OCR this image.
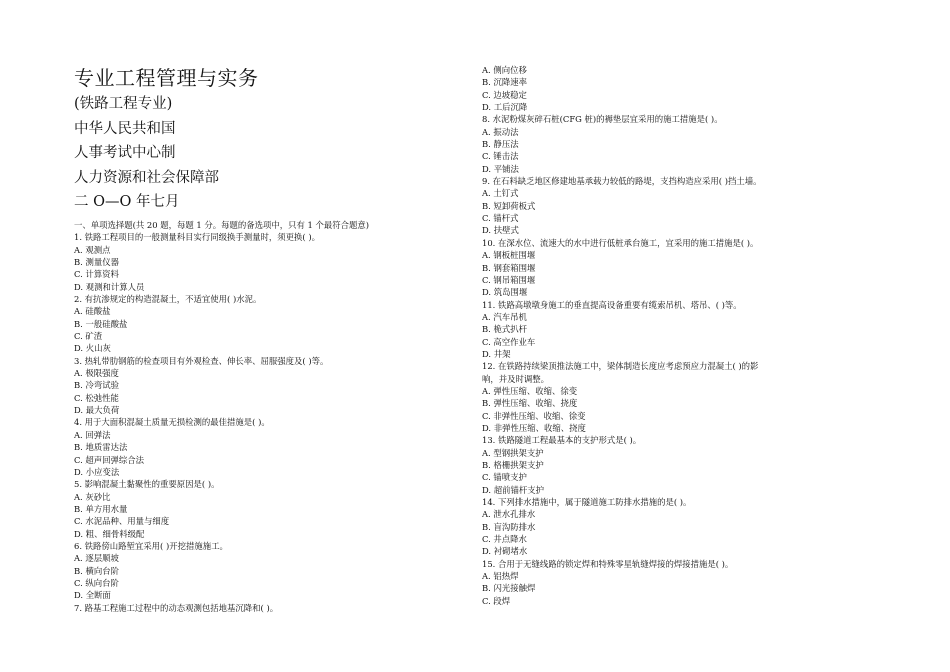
专业工程管理与实务
(铁路工程专业)
中华人民共和国
人事考试中心制
人力资源和社会保障部
二 O—O 年七月
一、单项选择题(共 20 题，每题 1 分。每题的备选项中，只有 1 个最符合题意)
1. 铁路工程项目的一般测量科目实行同级换手测量时，须更换( )。
A. 观测点
B. 测量仪器
C. 计算资料
D. 观测和计算人员
2. 有抗渗规定的构造混凝土，不适宜使用( )水泥。
A. 硅酸盐
B. 一般硅酸盐
C. 矿渣
D. 火山灰
3. 热轧带肋钢筋的检查项目有外观检查、伸长率、屈服强度及( )等。
A. 极限强度
B. 冷弯试验
C. 松弛性能
D. 最大负荷
4. 用于大面积混凝土质量无损检测的最佳措施是( )。
A. 回弹法
B. 地质雷达法
C. 超声回弹综合法
D. 小应变法
5. 影响混凝土黏聚性的重要原因是( )。
A. 灰砂比
B. 单方用水量
C. 水泥品种、用量与细度
D. 粗、细骨料级配
6. 铁路傍山路堑宜采用( )开挖措施施工。
A. 逐层顺坡
B. 横向台阶
C. 纵向台阶
D. 全断面
7. 路基工程施工过程中的动态观测包括地基沉降和( )。
A. 侧向位移
B. 沉降速率
C. 边坡稳定
D. 工后沉降
8. 水泥粉煤灰碎石桩(CFG 桩)的褥垫层宜采用的施工措施是( )。
A. 振动法
B. 静压法
C. 锤击法
D. 平铺法
9. 在石料缺乏地区修建地基承载力较低的路堤，支挡构造应采用( )挡土墙。
A. 土钉式
B. 短卸荷板式
C. 锚杆式
D. 扶壁式
10. 在深水位、流速大的水中进行低桩承台施工，宜采用的施工措施是( )。
A. 钢板桩围堰
B. 钢套箱围堰
C. 钢吊箱围堰
D. 筑岛围堰
11. 铁路高墩墩身施工的垂直提高设备重要有缆索吊机、塔吊、( )等。
A. 汽车吊机
B. 桅式扒杆
C. 高空作业车
D. 井架
12. 在铁路持续梁顶推法施工中，梁体制造长度应考虑预应力混凝土( )的影
响，并及时调整。
A. 弹性压缩、收缩、徐变
B. 弹性压缩、收缩、挠度
C. 非弹性压缩、收缩、徐变
D. 非弹性压缩、收缩、挠度
13. 铁路隧道工程最基本的支护形式是( )。
A. 型钢拱架支护
B. 格栅拱架支护
C. 锚喷支护
D. 超前锚杆支护
14. 下列排水措施中，属于隧道施工防排水措施的是( )。
A. 泄水孔排水
B. 盲沟防排水
C. 井点降水
D. 衬砌堵水
15. 合用于无缝线路的锁定焊和特殊零星轨缝焊接的焊接措施是( )。
A. 铝热焊
B. 闪光接触焊
C. 段焊
